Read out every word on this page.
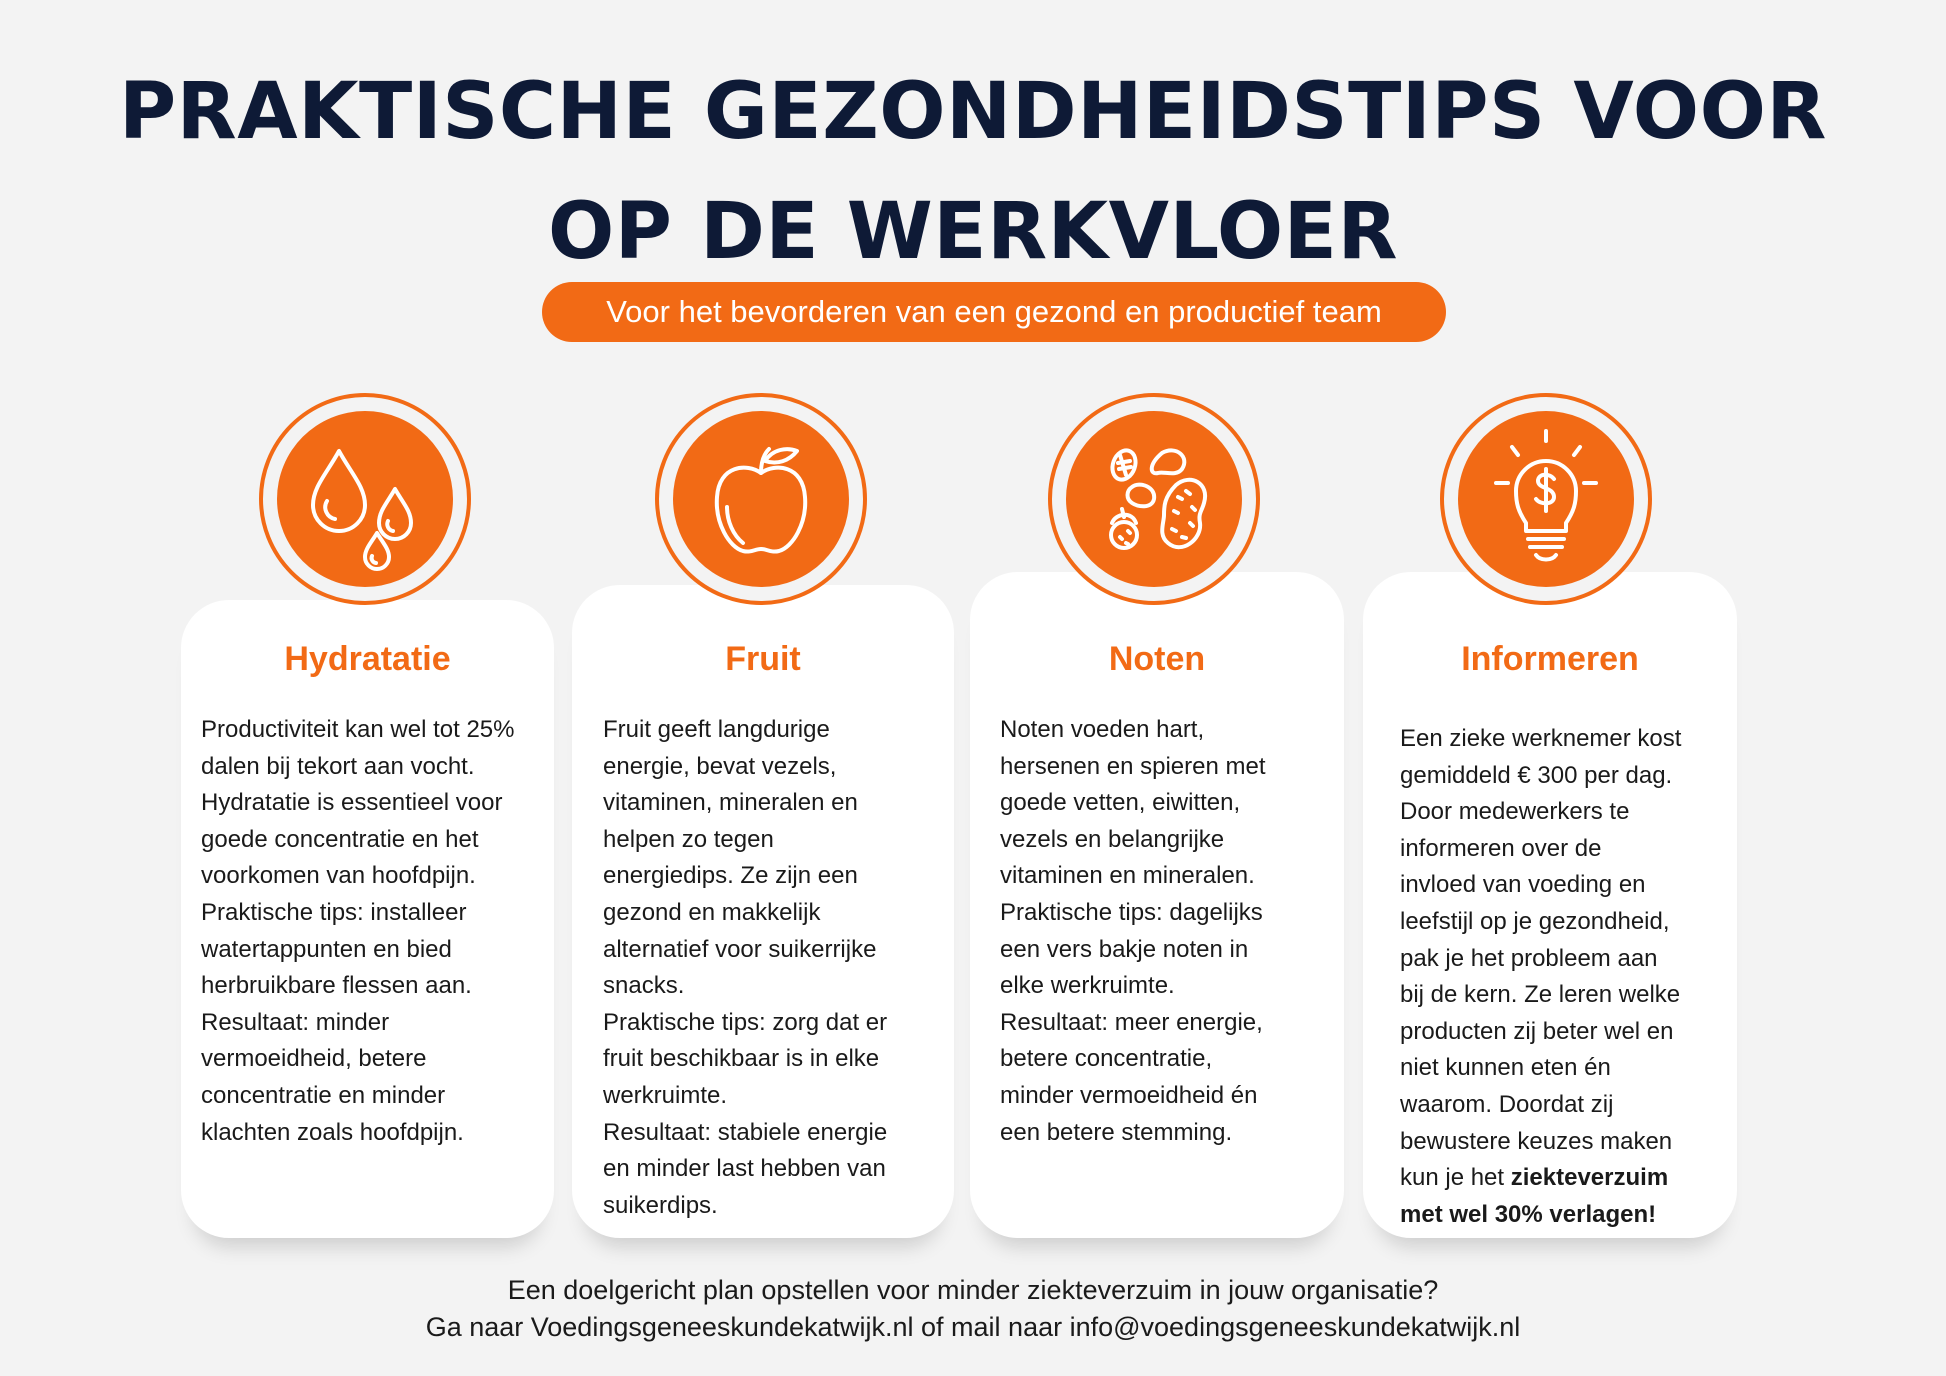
PRAKTISCHE GEZONDHEIDSTIPS VOOR
OP DE WERKVLOER
Voor het bevorderen van een gezond en productief team
Hydratatie
Productiviteit kan wel tot 25%
dalen bij tekort aan vocht.
Hydratatie is essentieel voor
goede concentratie en het
voorkomen van hoofdpijn.
Praktische tips: installeer
watertappunten en bied
herbruikbare flessen aan.
Resultaat: minder
vermoeidheid, betere
concentratie en minder
klachten zoals hoofdpijn.
Fruit
Fruit geeft langdurige
energie, bevat vezels,
vitaminen, mineralen en
helpen zo tegen
energiedips. Ze zijn een
gezond en makkelijk
alternatief voor suikerrijke
snacks.
Praktische tips: zorg dat er
fruit beschikbaar is in elke
werkruimte.
Resultaat: stabiele energie
en minder last hebben van
suikerdips.
Noten
Noten voeden hart,
hersenen en spieren met
goede vetten, eiwitten,
vezels en belangrijke
vitaminen en mineralen.
Praktische tips: dagelijks
een vers bakje noten in
elke werkruimte.
Resultaat: meer energie,
betere concentratie,
minder vermoeidheid én
een betere stemming.
Informeren
Een zieke werknemer kost
gemiddeld € 300 per dag.
Door medewerkers te
informeren over de
invloed van voeding en
leefstijl op je gezondheid,
pak je het probleem aan
bij de kern. Ze leren welke
producten zij beter wel en
niet kunnen eten én
waarom. Doordat zij
bewustere keuzes maken
kun je het ziekteverzuim
met wel 30% verlagen!
Een doelgericht plan opstellen voor minder ziekteverzuim in jouw organisatie?
Ga naar Voedingsgeneeskundekatwijk.nl of mail naar info@voedingsgeneeskundekatwijk.nl
